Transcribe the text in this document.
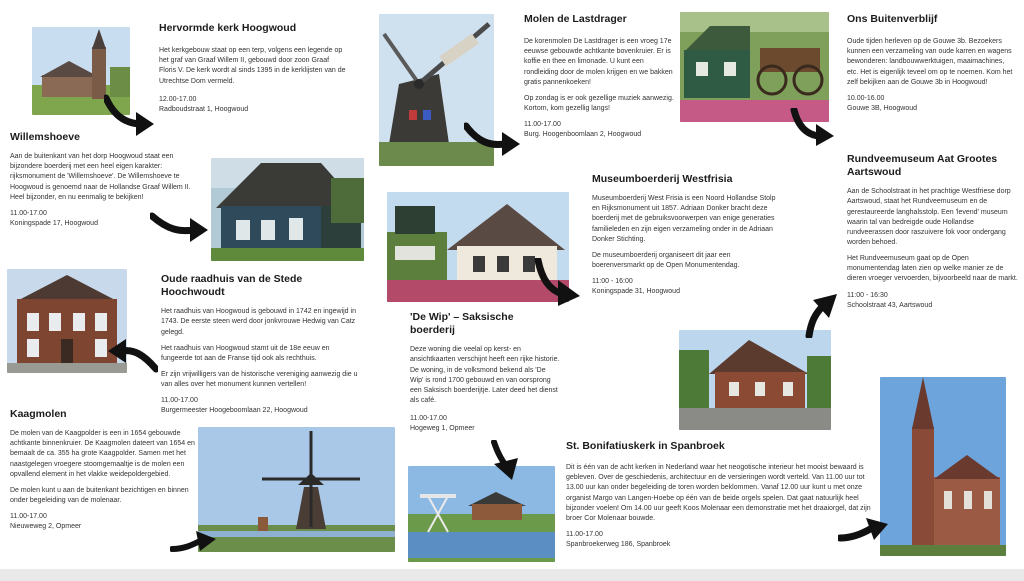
Hervormde kerk Hoogwoud
Het kerkgebouw staat op een terp, volgens een legende op het graf van Graaf Willem II, gebouwd door zoon Graaf Floris V. De kerk wordt al sinds 1395 in de kerklijsten van de Utrechtse Dom vermeld.
12.00-17.00
Radboudstraat 1, Hoogwoud
Willemshoeve
Aan de buitenkant van het dorp Hoogwoud staat een bijzondere boerderij met een heel eigen karakter: rijksmonument de 'Willemshoeve'. De Willemshoeve te Hoogwoud is genoemd naar de Hollandse Graaf Willem II. Heel bijzonder, en nu eenmalig te bekijken!
11.00-17.00
Koningspade 17, Hoogwoud
Oude raadhuis van de Stede Hoochwoudt

Het raadhuis van Hoogwoud is gebouwd in 1742 en ingewijd in 1743. De eerste steen werd door jonkvrouwe Hedwig van Catz gelegd.

Het raadhuis van Hoogwoud stamt uit de 18e eeuw en fungeerde tot aan de Franse tijd ook als rechthuis.

Er zijn vrijwilligers van de historische vereniging aanwezig die u van alles over het monument kunnen vertellen!

11.00-17.00
Burgermeester Hoogeboomlaan 22, Hoogwoud
Kaagmolen

De molen van de Kaagpolder is een in 1654 gebouwde achtkante binnenkruier. De Kaagmolen dateert van 1654 en bemaalt de ca. 355 ha grote Kaagpolder. Samen met het naastgelegen vroegere stoomgemaaltje is de molen een opvallend element in het vlakke weidepoldergebied.

De molen kunt u aan de buitenkant bezichtigen en binnen onder begeleiding van de molenaar.

11.00-17.00
Nieuweweg 2, Opmeer
Molen de Lastdrager

De korenmolen De Lastdrager is een vroeg 17e eeuwse gebouwde achtkante bovenkruier. Er is koffie en thee en limonade. U kunt een rondleiding door de molen krijgen en we bakken gratis pannenkoeken!

Op zondag is er ook gezellige muziek aanwezig. Kortom, kom gezellig langs!

11.00-17.00
Burg. Hoogenboomlaan 2, Hoogwoud
Museumboerderij Westfrisia

Museumboerderij West Frisia is een Noord Hollandse Stolp en Rijksmonument uit 1857. Adriaan Donker bracht deze boerderij met de gebruiksvoorwerpen van enige generaties familieleden en zijn eigen verzameling onder in de Adriaan Donker Stichting.

De museumboerderij organiseert dit jaar een boerenversmarkt op de Open Monumentendag.

11:00 - 16:00
Koningspade 31, Hoogwoud
'De Wip' – Saksische boerderij
Deze woning die veelal op kerst- en ansichtkaarten verschijnt heeft een rijke historie. De woning, in de volksmond bekend als 'De Wip' is rond 1700 gebouwd en van oorsprong een Saksisch boerderijtje. Later deed het dienst als café.
11.00-17.00
Hogeweg 1, Opmeer
Ons Buitenverblijf
Oude tijden herleven op de Gouwe 3b. Bezoekers kunnen een verzameling van oude karren en wagens bewonderen: landbouwwerktuigen, maaimachines, etc. Het is eigenlijk teveel om op te noemen. Kom het zelf bekijken aan de Gouwe 3b in Hoogwoud!
10.00-16.00
Gouwe 3B, Hoogwoud
Rundveemuseum Aat Grootes Aartswoud

Aan de Schoolstraat in het prachtige Westfriese dorp Aartswoud, staat het Rundveemuseum en de gerestaureerde langhalsstolp. Een 'levend' museum waarin tal van bedreigde oude Hollandse rundveerassen door raszuivere fok voor ondergang worden behoed.

Het Rundveemuseum gaat op de Open monumentendag laten zien op welke manier ze de dieren vroeger vervoerden, bijvoorbeeld naar de markt.

11:00 - 16:30
Schoolstraat 43, Aartswoud
St. Bonifatiuskerk in Spanbroek
Dit is één van de acht kerken in Nederland waar het neogotische interieur het mooist bewaard is gebleven. Over de geschiedenis, architectuur en de versieringen wordt verteld. Van 11.00 uur tot 13.00 uur kan onder begeleiding de toren worden beklommen. Vanaf 12.00 uur kunt u met onze organist Margo van Langen-Hoebe op één van de beide orgels spelen. Dat gaat natuurlijk heel bijzonder voelen! Om 14.00 uur geeft Koos Molenaar een demonstratie met het draaiorgel, dat zijn broer Cor Molenaar bouwde.
11.00-17.00
Spanbroekerweg 186, Spanbroek
